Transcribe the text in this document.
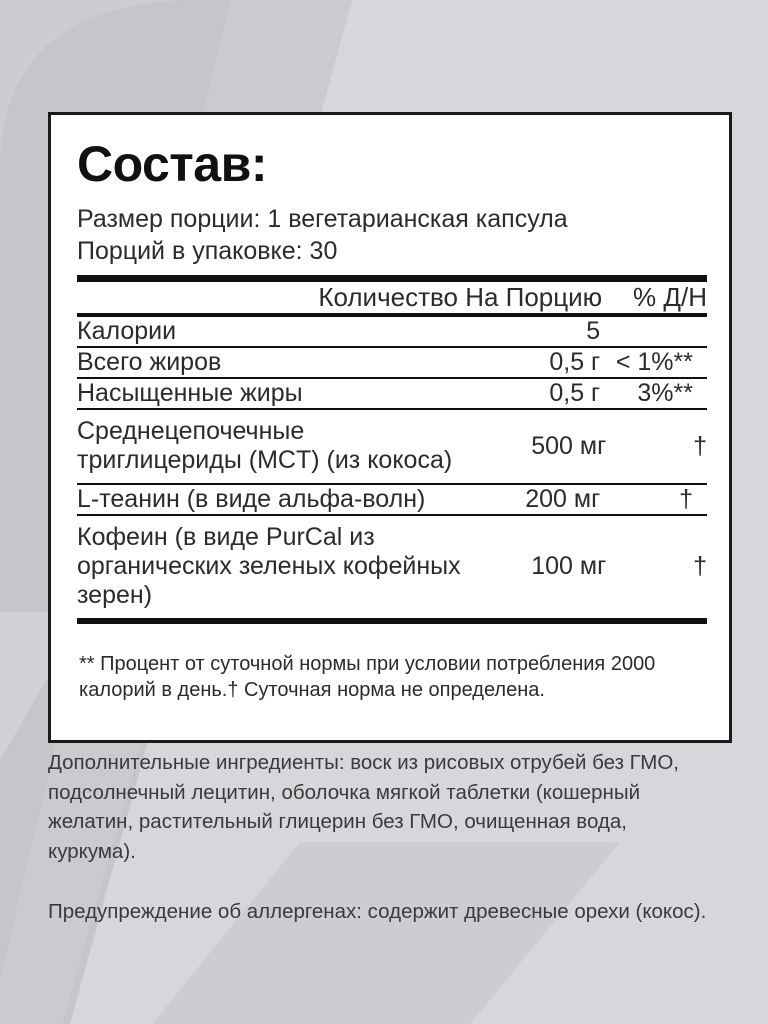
Состав:
Размер порции: 1 вегетарианская капсула
Порций в упаковке: 30
Количество На Порцию		% Д/Н

Калории	5	

Всего жиров	0,5 г	< 1%**

Насыщенные жиры	0,5 г	3%**

Среднецепочечные триглицериды (MCT) (из кокоса)	500 мг	†

L-теанин (в виде альфа-волн)	200 мг	†

Кофеин (в виде PurCal из органических зеленых кофейных зерен)	100 мг	†

** Процент от суточной нормы при условии потребления 2000 калорий в день.† Суточная норма не определена.

Дополнительные ингредиенты: воск из рисовых отрубей без ГМО, подсолнечный лецитин, оболочка мягкой таблетки (кошерный желатин, растительный глицерин без ГМО, очищенная вода, куркума).

Предупреждение об аллергенах: содержит древесные орехи (кокос).
